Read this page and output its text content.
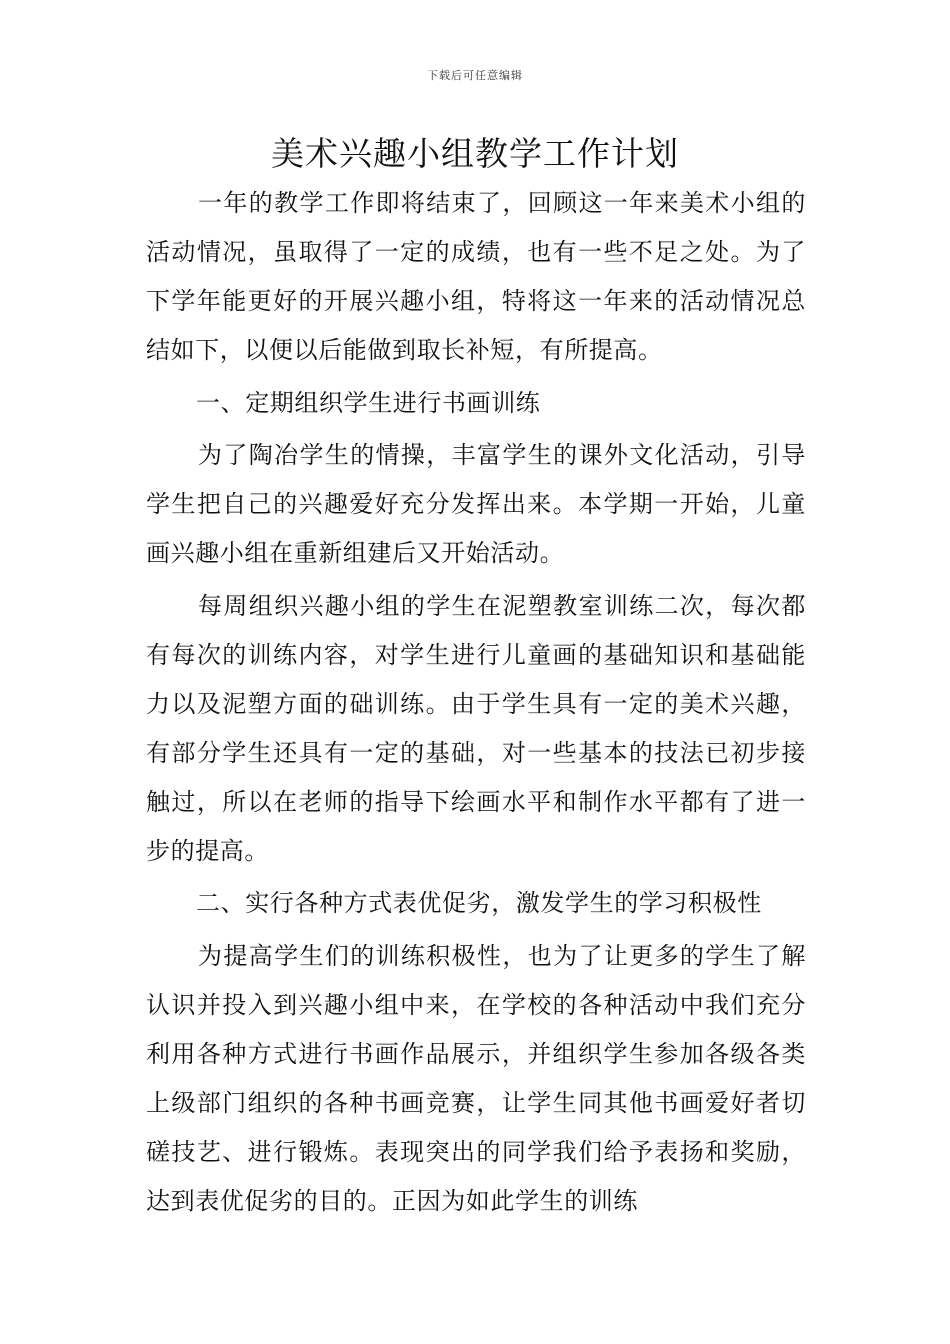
下载后可任意编辑
美术兴趣小组教学工作计划

一年的教学工作即将结束了，回顾这一年来美术小组的活动情况，虽取得了一定的成绩，也有一些不足之处。为了下学年能更好的开展兴趣小组，特将这一年来的活动情况总结如下，以便以后能做到取长补短，有所提高。

一、定期组织学生进行书画训练

为了陶冶学生的情操，丰富学生的课外文化活动，引导学生把自己的兴趣爱好充分发挥出来。本学期一开始，儿童画兴趣小组在重新组建后又开始活动。

每周组织兴趣小组的学生在泥塑教室训练二次，每次都有每次的训练内容，对学生进行儿童画的基础知识和基础能力以及泥塑方面的础训练。由于学生具有一定的美术兴趣，有部分学生还具有一定的基础，对一些基本的技法已初步接触过，所以在老师的指导下绘画水平和制作水平都有了进一步的提高。

二、实行各种方式表优促劣，激发学生的学习积极性

为提高学生们的训练积极性，也为了让更多的学生了解认识并投入到兴趣小组中来，在学校的各种活动中我们充分利用各种方式进行书画作品展示，并组织学生参加各级各类上级部门组织的各种书画竞赛，让学生同其他书画爱好者切磋技艺、进行锻炼。表现突出的同学我们给予表扬和奖励，达到表优促劣的目的。正因为如此学生的训练
